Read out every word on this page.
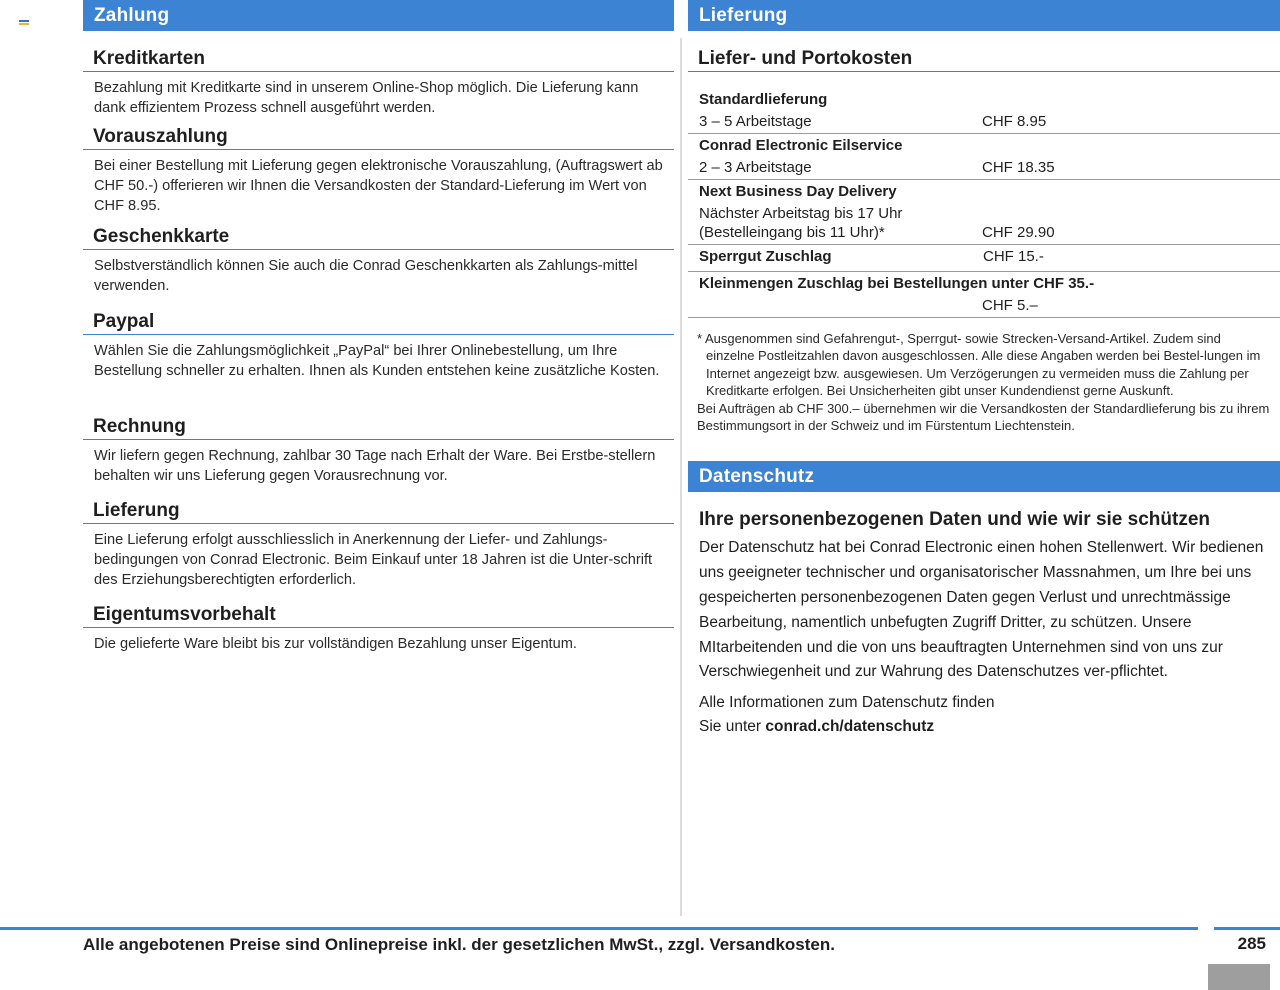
Zahlung
Kreditkarten
Bezahlung mit Kreditkarte sind in unserem Online-Shop möglich. Die Lieferung kann dank effizientem Prozess schnell ausgeführt werden.
Vorauszahlung
Bei einer Bestellung mit Lieferung gegen elektronische Vorauszahlung, (Auftragswert ab CHF 50.-) offerieren wir Ihnen die Versandkosten der Standard-Lieferung im Wert von CHF 8.95.
Geschenkkarte
Selbstverständlich können Sie auch die Conrad Geschenkkarten als Zahlungs-mittel verwenden.
Paypal
Wählen Sie die Zahlungsmöglichkeit „PayPal“ bei Ihrer Onlinebestellung, um Ihre Bestellung schneller zu erhalten. Ihnen als Kunden entstehen keine zusätzliche Kosten.
Rechnung
Wir liefern gegen Rechnung, zahlbar 30 Tage nach Erhalt der Ware. Bei Erstbe-stellern behalten wir uns Lieferung gegen Vorausrechnung vor.
Lieferung
Eine Lieferung erfolgt ausschliesslich in Anerkennung der Liefer- und Zahlungs-bedingungen von Conrad Electronic. Beim Einkauf unter 18 Jahren ist die Unter-schrift des Erziehungsberechtigten erforderlich.
Eigentumsvorbehalt
Die gelieferte Ware bleibt bis zur vollständigen Bezahlung unser Eigentum.
Lieferung
Liefer- und Portokosten
Standardlieferung
3 – 5 Arbeitstage	CHF 8.95
Conrad Electronic Eilservice
2 – 3 Arbeitstage	CHF 18.35
Next Business Day Delivery
Nächster Arbeitstag bis 17 Uhr
(Bestelleingang bis 11 Uhr)*	CHF 29.90
Sperrgut Zuschlag	CHF 15.-
Kleinmengen Zuschlag bei Bestellungen unter CHF 35.-
CHF 5.–
* Ausgenommen sind Gefahrengut-, Sperrgut- sowie Strecken-Versand-Artikel. Zudem sind einzelne Postleitzahlen davon ausgeschlossen. Alle diese Angaben werden bei Bestel-lungen im Internet angezeigt bzw. ausgewiesen. Um Verzögerungen zu vermeiden muss die Zahlung per Kreditkarte erfolgen. Bei Unsicherheiten gibt unser Kundendienst gerne Auskunft.
Bei Aufträgen ab CHF 300.– übernehmen wir die Versandkosten der Standardlieferung bis zu ihrem Bestimmungsort in der Schweiz und im Fürstentum Liechtenstein.
Datenschutz
Ihre personenbezogenen Daten und wie wir sie schützen
Der Datenschutz hat bei Conrad Electronic einen hohen Stellenwert. Wir bedienen uns geeigneter technischer und organisatorischer Massnahmen, um Ihre bei uns gespeicherten personenbezogenen Daten gegen Verlust und unrechtmässige Bearbeitung, namentlich unbefugten Zugriff Dritter, zu schützen. Unsere MItarbeitenden und die von uns beauftragten Unternehmen sind von uns zur Verschwiegenheit und zur Wahrung des Datenschutzes ver-pflichtet.
Alle Informationen zum Datenschutz finden
Sie unter conrad.ch/datenschutz
Alle angebotenen Preise sind Onlinepreise inkl. der gesetzlichen MwSt., zzgl. Versandkosten.	285
